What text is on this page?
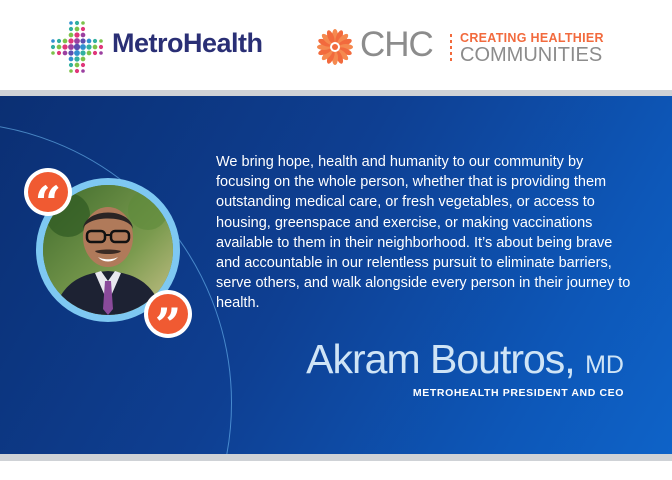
MetroHealth	CHC CREATING HEALTHIER
COMMUNITIES
“
”

We bring hope, health and humanity to our community by focusing on the whole person, whether that is providing them outstanding medical care, or fresh vegetables, or access to housing, greenspace and exercise, or making vaccinations available to them in their neighborhood. It’s about being brave and accountable in our relentless pursuit to eliminate barriers, serve others, and walk alongside every person in their journey to health.

Akram Boutros, MD
METROHEALTH PRESIDENT AND CEO
